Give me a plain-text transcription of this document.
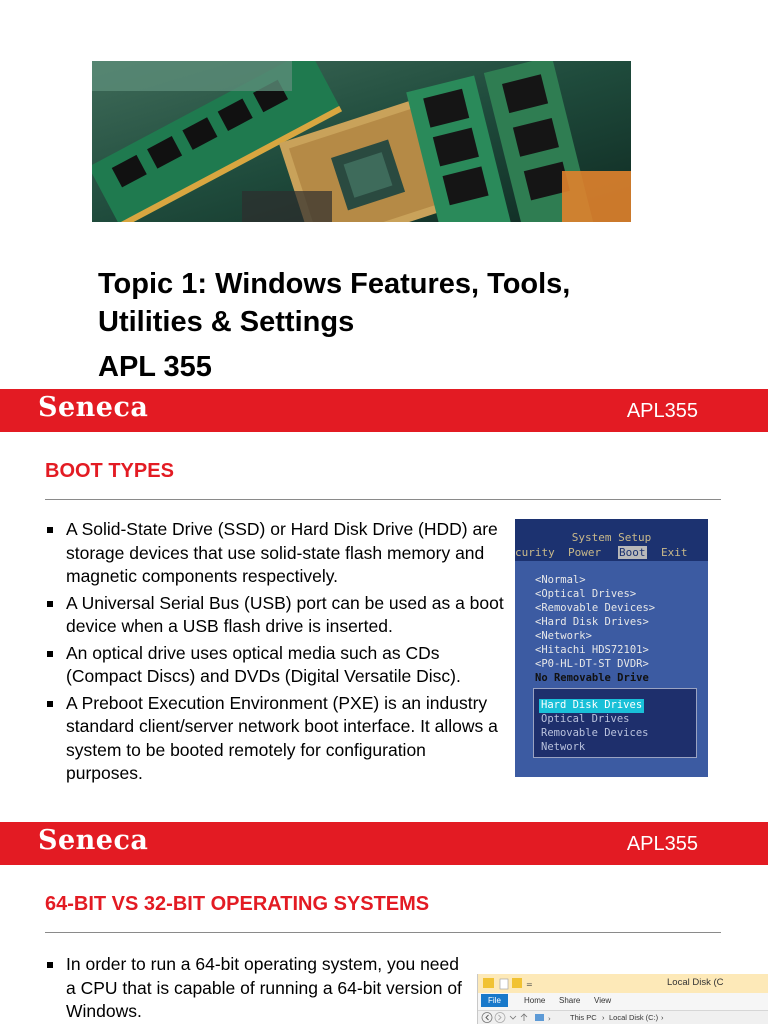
Topic 1: Windows Features, Tools,
Utilities & Settings
APL 355
Seneca	APL355
BOOT TYPES
A Solid-State Drive (SSD) or Hard Disk Drive (HDD) are storage devices that use solid-state flash memory and magnetic components respectively.
A Universal Serial Bus (USB) port can be used as a boot device when a USB flash drive is inserted.
An optical drive uses optical media such as CDs (Compact Discs) and DVDs (Digital Versatile Disc).
A Preboot Execution Environment (PXE) is an industry standard client/server network boot interface. It allows a system to be booted remotely for configuration purposes.
System Setup
curity Power Boot Exit
<Normal>
<Optical Drives>
<Removable Devices>
<Hard Disk Drives>
<Network>
<Hitachi HDS72101>
<P0-HL-DT-ST DVDR>
No Removable Drive
Hard Disk Drives
Optical Drives
Removable Devices
Network
Seneca	APL355
64-BIT VS 32-BIT OPERATING SYSTEMS
In order to run a 64-bit operating system, you need a CPU that is capable of running a 64-bit version of Windows.
=	Local Disk (C
File	Home Share View
›	This PC › Local Disk (C:) ›
